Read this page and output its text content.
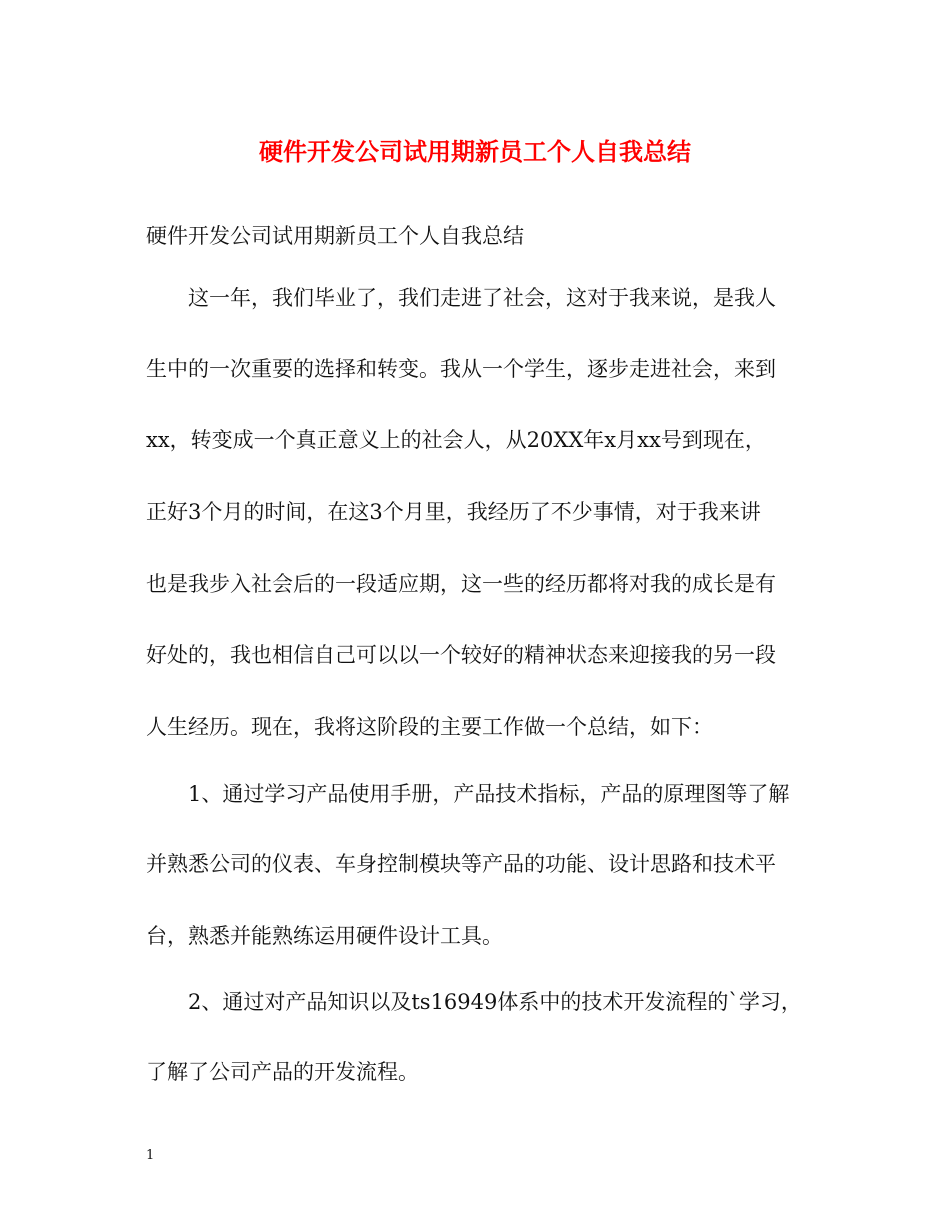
硬件开发公司试用期新员工个人自我总结

硬件开发公司试用期新员工个人自我总结

这一年，我们毕业了，我们走进了社会，这对于我来说，是我人

生中的一次重要的选择和转变。我从一个学生，逐步走进社会，来到

xx，转变成一个真正意义上的社会人，从20XX年x月xx号到现在，

正好3个月的时间，在这3个月里，我经历了不少事情，对于我来讲

也是我步入社会后的一段适应期，这一些的经历都将对我的成长是有

好处的，我也相信自己可以以一个较好的精神状态来迎接我的另一段

人生经历。现在，我将这阶段的主要工作做一个总结，如下：

1、通过学习产品使用手册，产品技术指标，产品的原理图等了解

并熟悉公司的仪表、车身控制模块等产品的功能、设计思路和技术平

台，熟悉并能熟练运用硬件设计工具。

2、通过对产品知识以及ts16949体系中的技术开发流程的`学习，

了解了公司产品的开发流程。

1
